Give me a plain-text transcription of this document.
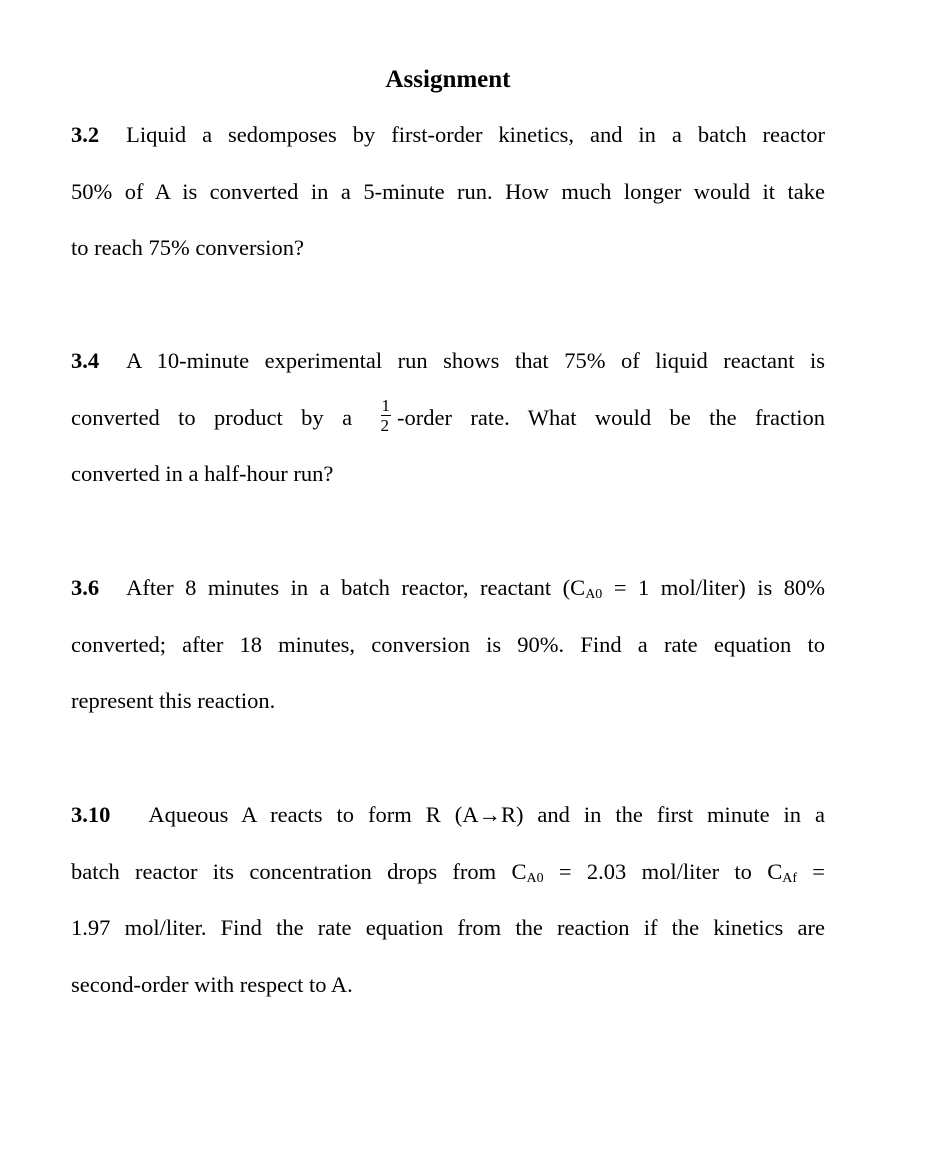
Assignment
3.2 Liquid a sedomposes by first-order kinetics, and in a batch reactor
50% of A is converted in a 5-minute run. How much longer would it take
to reach 75% conversion?
3.4 A 10-minute experimental run shows that 75% of liquid reactant is
converted to product by a $\frac{1}{2}$ -order rate. What would be the fraction
converted in a half-hour run?
3.6 After 8 minutes in a batch reactor, reactant ($C_{A0} = 1$ mol/liter) is 80%
converted; after 18 minutes, conversion is 90%. Find a rate equation to
represent this reaction.
3.10 Aqueous A reacts to form R (A→R) and in the first minute in a
batch reactor its concentration drops from $C_{A0} = 2.03$ mol/liter to $C_{Af}$ =
1.97 mol/liter. Find the rate equation from the reaction if the kinetics are
second-order with respect to A.
